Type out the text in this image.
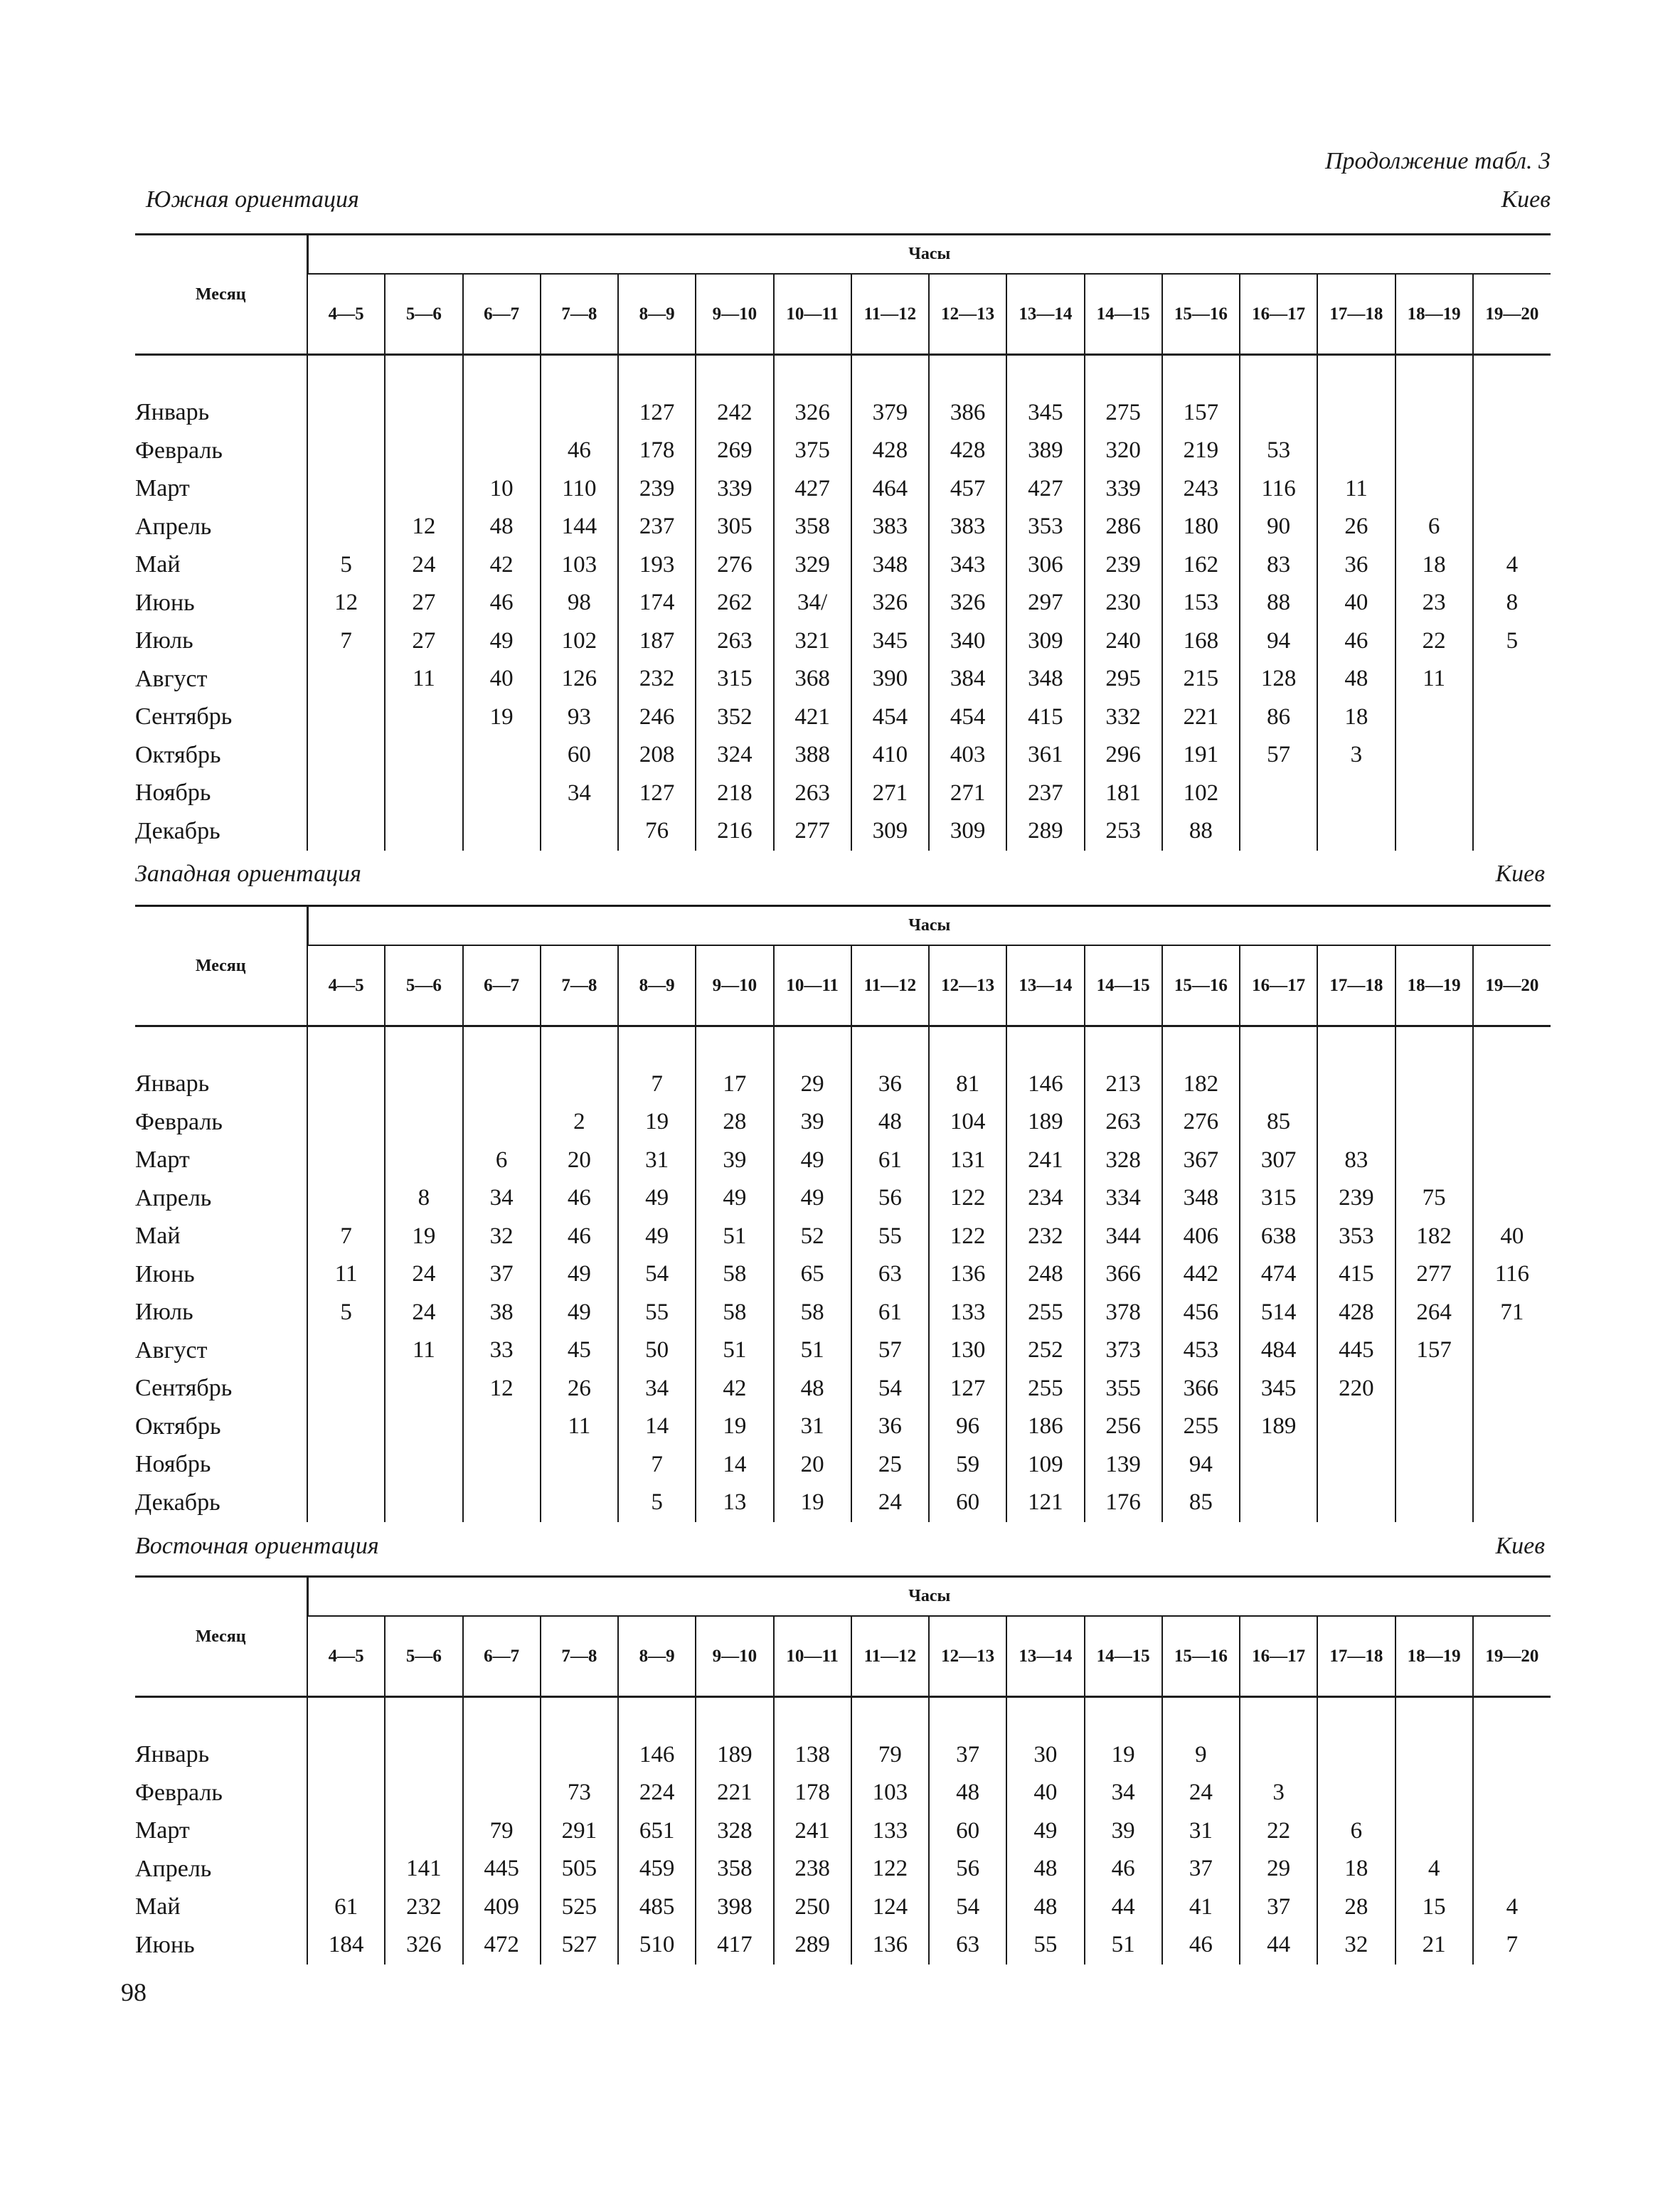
Продолжение табл. 3
Южная ориентация	Киев
Месяц	Часы															
	4—5	5—6	6—7	7—8	8—9	9—10	10—11	11—12	12—13	13—14	14—15	15—16	16—17	17—18	18—19	19—20

Январь					127	242	326	379	386	345	275	157				
Февраль				46	178	269	375	428	428	389	320	219	53			
Март			10	110	239	339	427	464	457	427	339	243	116	11		
Апрель		12	48	144	237	305	358	383	383	353	286	180	90	26	6	
Май	5	24	42	103	193	276	329	348	343	306	239	162	83	36	18	4
Июнь	12	27	46	98	174	262	34/	326	326	297	230	153	88	40	23	8
Июль	7	27	49	102	187	263	321	345	340	309	240	168	94	46	22	5
Август		11	40	126	232	315	368	390	384	348	295	215	128	48	11	
Сентябрь			19	93	246	352	421	454	454	415	332	221	86	18		
Октябрь				60	208	324	388	410	403	361	296	191	57	3		
Ноябрь				34	127	218	263	271	271	237	181	102				
Декабрь					76	216	277	309	309	289	253	88				
Западная ориентация	Киев
Месяц	Часы															
	4—5	5—6	6—7	7—8	8—9	9—10	10—11	11—12	12—13	13—14	14—15	15—16	16—17	17—18	18—19	19—20

Январь					7	17	29	36	81	146	213	182				
Февраль				2	19	28	39	48	104	189	263	276	85			
Март			6	20	31	39	49	61	131	241	328	367	307	83		
Апрель		8	34	46	49	49	49	56	122	234	334	348	315	239	75	
Май	7	19	32	46	49	51	52	55	122	232	344	406	638	353	182	40
Июнь	11	24	37	49	54	58	65	63	136	248	366	442	474	415	277	116
Июль	5	24	38	49	55	58	58	61	133	255	378	456	514	428	264	71
Август		11	33	45	50	51	51	57	130	252	373	453	484	445	157	
Сентябрь			12	26	34	42	48	54	127	255	355	366	345	220		
Октябрь				11	14	19	31	36	96	186	256	255	189			
Ноябрь					7	14	20	25	59	109	139	94				
Декабрь					5	13	19	24	60	121	176	85				
Восточная ориентация	Киев
Месяц	Часы															
	4—5	5—6	6—7	7—8	8—9	9—10	10—11	11—12	12—13	13—14	14—15	15—16	16—17	17—18	18—19	19—20

Январь					146	189	138	79	37	30	19	9				
Февраль				73	224	221	178	103	48	40	34	24	3			
Март			79	291	651	328	241	133	60	49	39	31	22	6		
Апрель		141	445	505	459	358	238	122	56	48	46	37	29	18	4	
Май	61	232	409	525	485	398	250	124	54	48	44	41	37	28	15	4
Июнь	184	326	472	527	510	417	289	136	63	55	51	46	44	32	21	7
98
